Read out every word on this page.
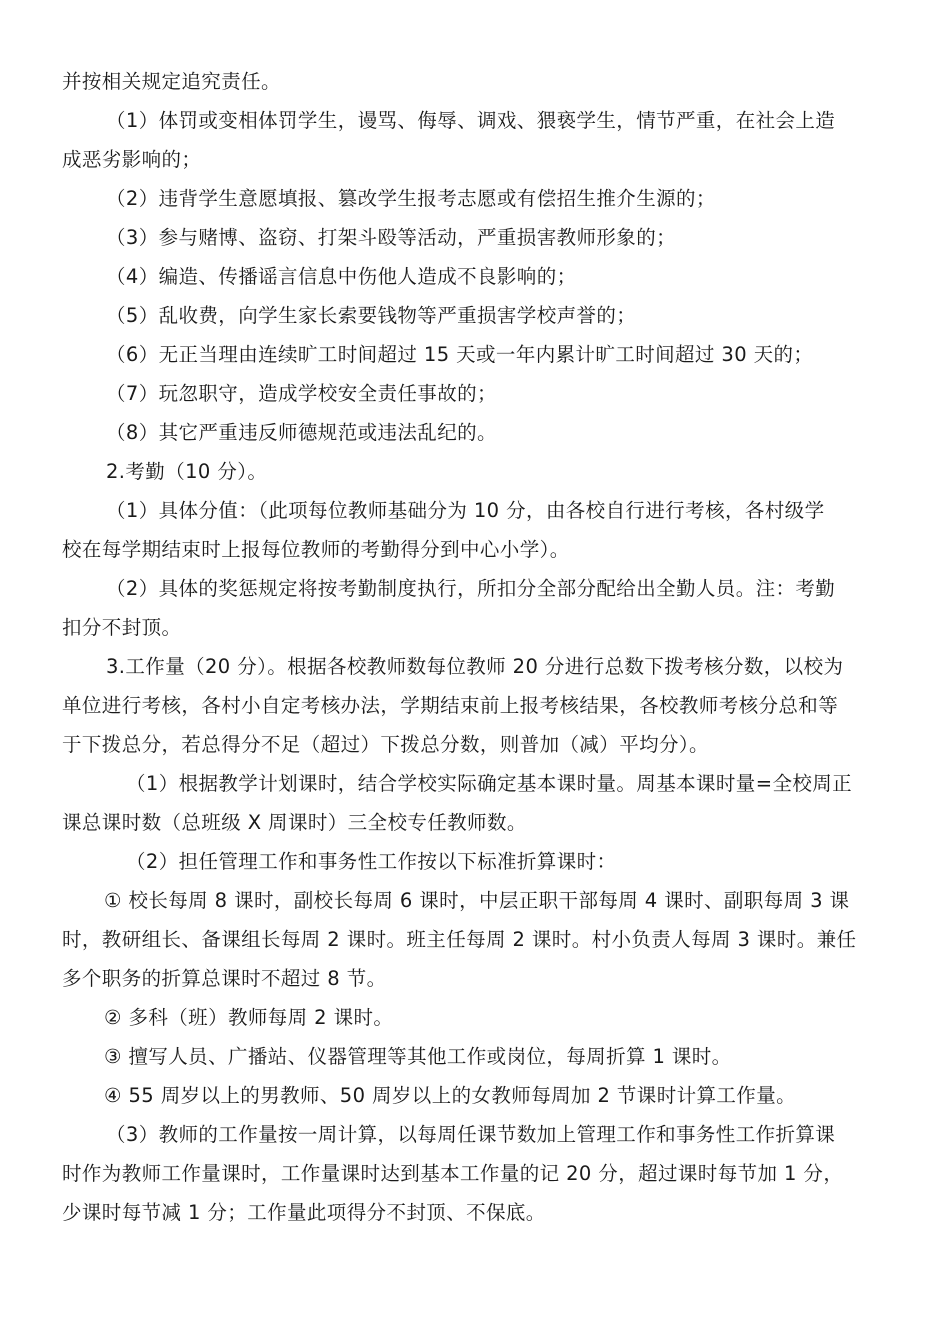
并按相关规定追究责任。
（1）体罚或变相体罚学生，谩骂、侮辱、调戏、猥亵学生，情节严重，在社会上造
成恶劣影响的；
（2）违背学生意愿填报、篡改学生报考志愿或有偿招生推介生源的；
（3）参与赌博、盗窃、打架斗殴等活动，严重损害教师形象的；
（4）编造、传播谣言信息中伤他人造成不良影响的；
（5）乱收费，向学生家长索要钱物等严重损害学校声誉的；
（6）无正当理由连续旷工时间超过 15 天或一年内累计旷工时间超过 30 天的；
（7）玩忽职守，造成学校安全责任事故的；
（8）其它严重违反师德规范或违法乱纪的。
2.考勤（10 分）。
（1）具体分值：（此项每位教师基础分为 10 分，由各校自行进行考核，各村级学
校在每学期结束时上报每位教师的考勤得分到中心小学）。
（2）具体的奖惩规定将按考勤制度执行，所扣分全部分配给出全勤人员。注：考勤
扣分不封顶。
3.工作量（20 分）。根据各校教师数每位教师 20 分进行总数下拨考核分数，以校为
单位进行考核，各村小自定考核办法，学期结束前上报考核结果，各校教师考核分总和等
于下拨总分，若总得分不足（超过）下拨总分数，则普加（减）平均分）。
（1）根据教学计划课时，结合学校实际确定基本课时量。周基本课时量=全校周正
课总课时数（总班级 X 周课时）三全校专任教师数。
（2）担任管理工作和事务性工作按以下标准折算课时：
① 校长每周 8 课时，副校长每周 6 课时，中层正职干部每周 4 课时、副职每周 3 课
时，教研组长、备课组长每周 2 课时。班主任每周 2 课时。村小负责人每周 3 课时。兼任
多个职务的折算总课时不超过 8 节。
② 多科（班）教师每周 2 课时。
③ 擅写人员、广播站、仪器管理等其他工作或岗位，每周折算 1 课时。
④ 55 周岁以上的男教师、50 周岁以上的女教师每周加 2 节课时计算工作量。
（3）教师的工作量按一周计算，以每周任课节数加上管理工作和事务性工作折算课
时作为教师工作量课时，工作量课时达到基本工作量的记 20 分，超过课时每节加 1 分，
少课时每节减 1 分；工作量此项得分不封顶、不保底。
